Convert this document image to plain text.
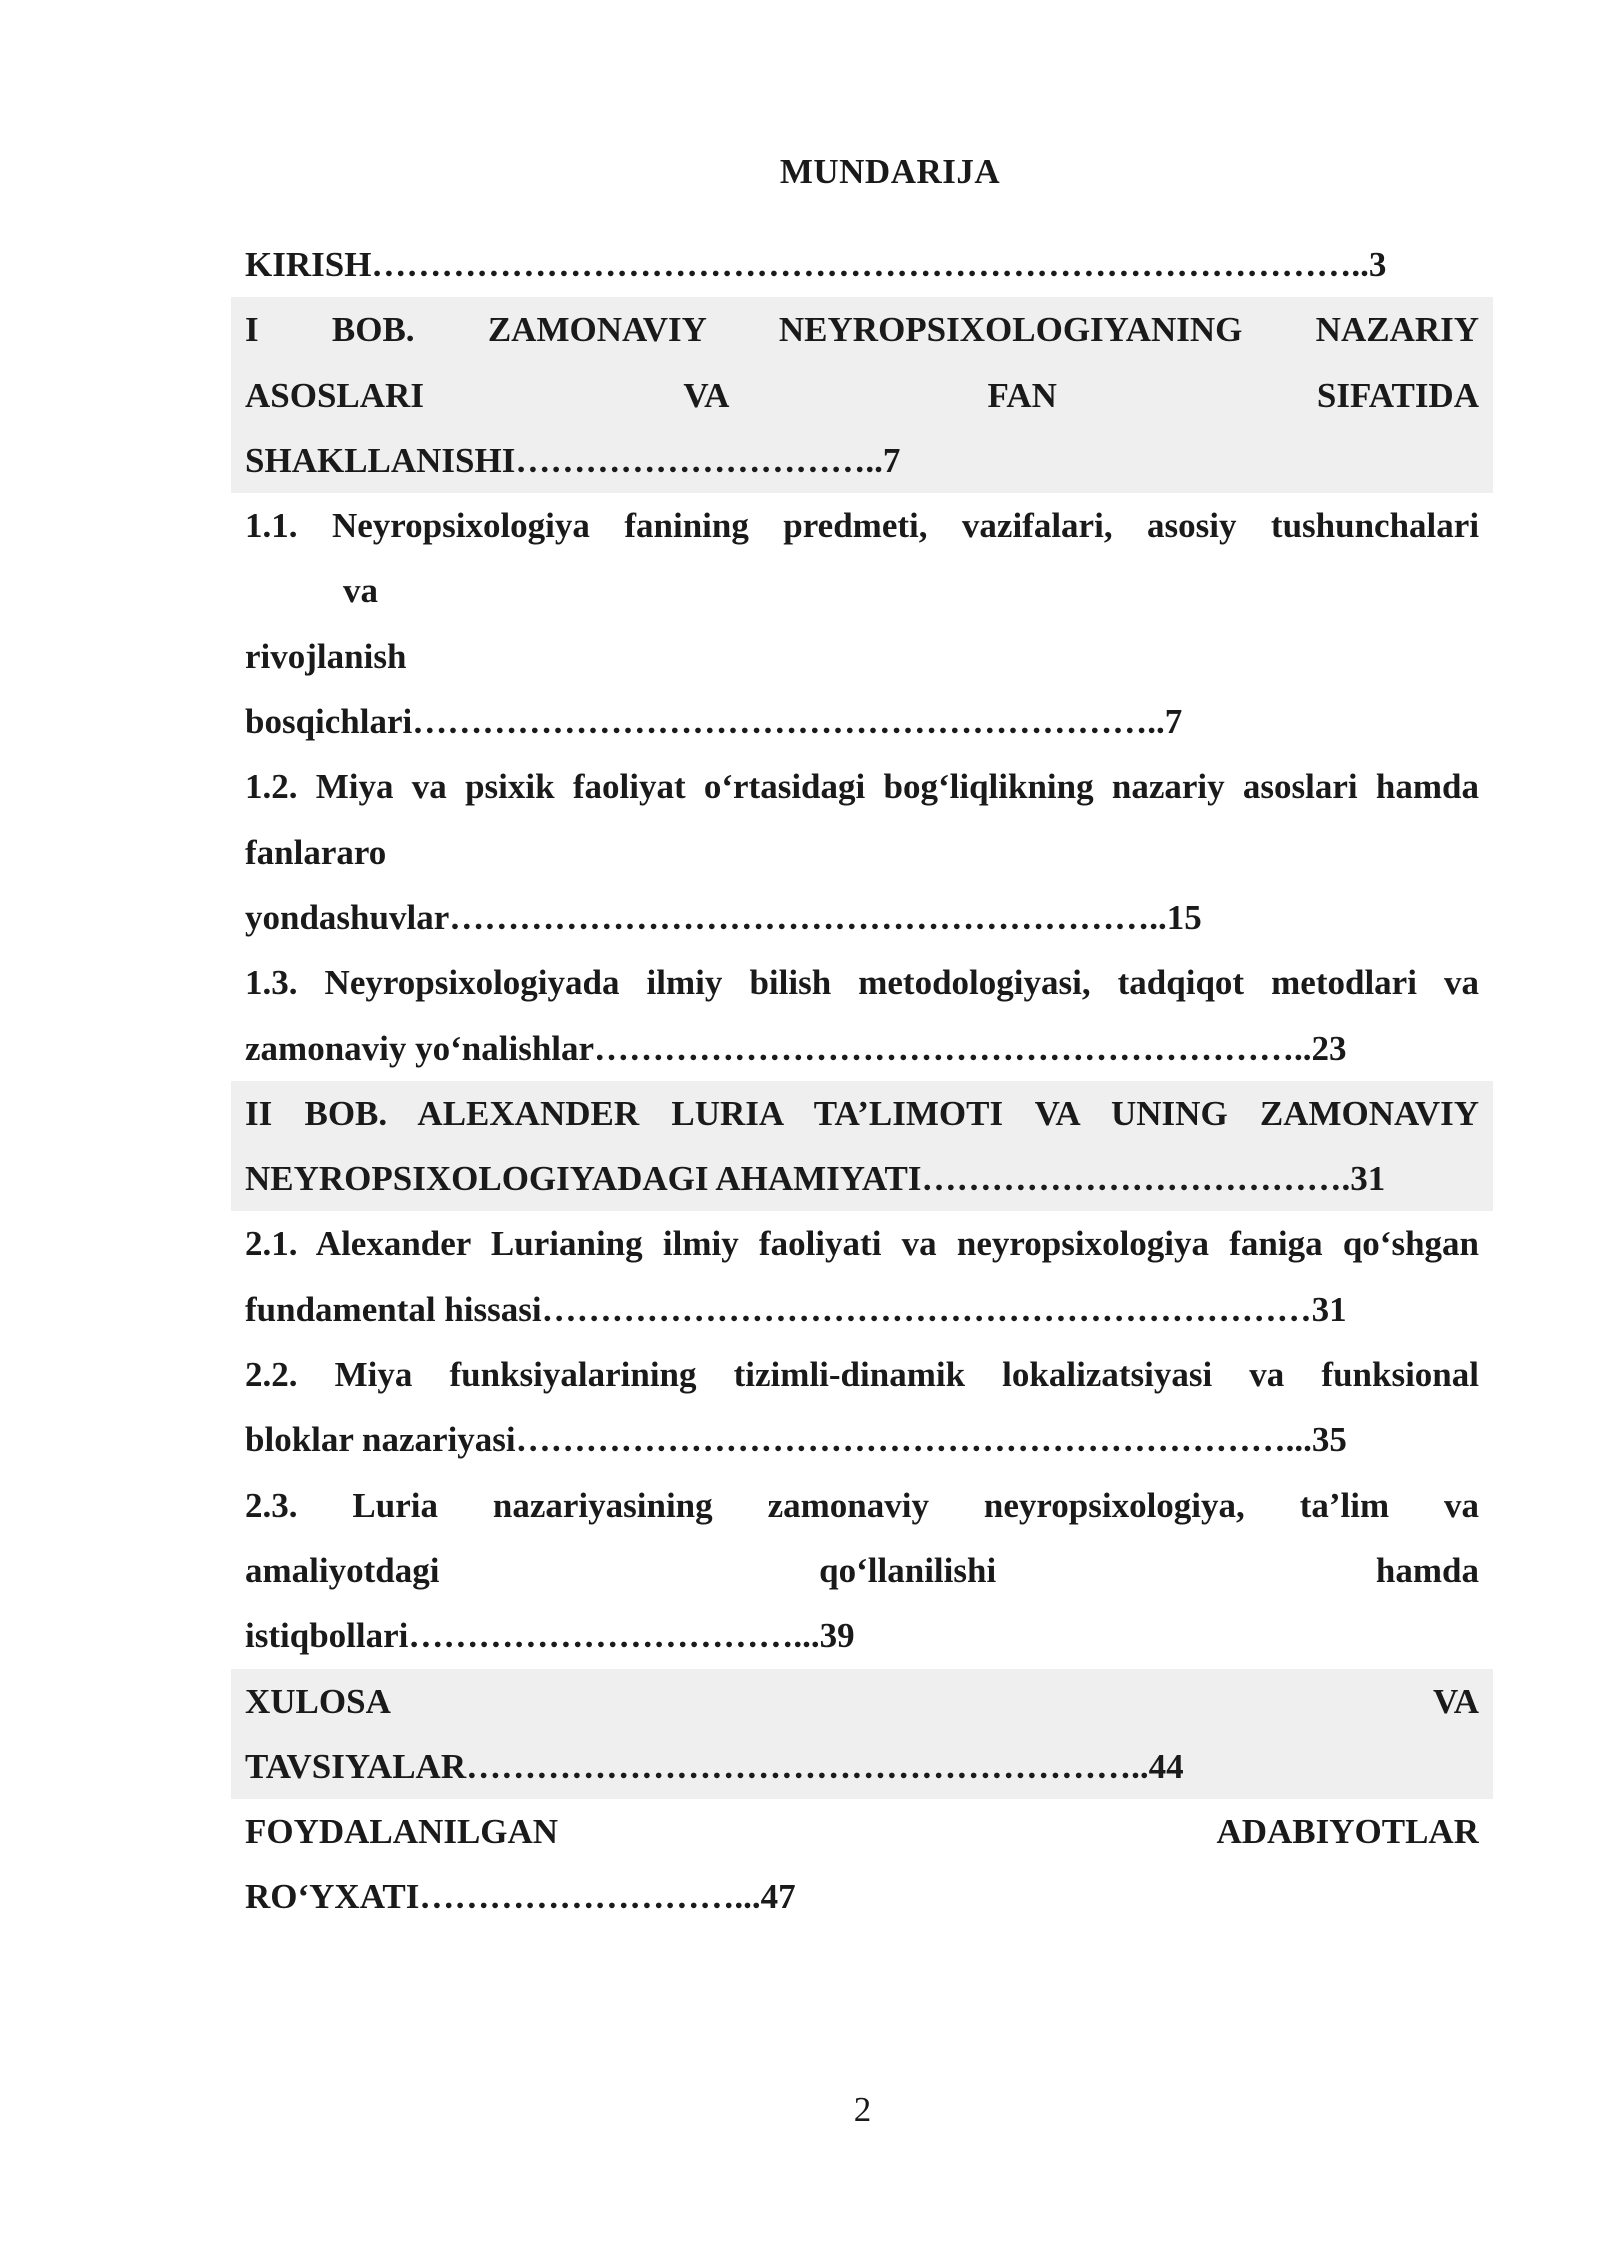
MUNDARIJA
KIRISH…………………………………………………………………………..3
I BOB. ZAMONAVIY NEYROPSIXOLOGIYANING NAZARIY
ASOSLARI	VA	FAN	SIFATIDA
SHAKLLANISHI…………………………..7
1.1. Neyropsixologiya fanining predmeti, vazifalari, asosiy tushunchalari
va
rivojlanish
bosqichlari………………………………………………………..7
1.2. Miya va psixik faoliyat o‘rtasidagi bog‘liqlikning nazariy asoslari hamda
fanlararo
yondashuvlar……………………………………………………..15
1.3. Neyropsixologiyada ilmiy bilish metodologiyasi, tadqiqot metodlari va
zamonaviy yo‘nalishlar……………………………………………………..23
II BOB. ALEXANDER LURIA TA’LIMOTI VA UNING ZAMONAVIY
NEYROPSIXOLOGIYADAGI AHAMIYATI……………………………….31
2.1. Alexander Lurianing ilmiy faoliyati va neyropsixologiya faniga qo‘shgan
fundamental hissasi…………………………………………………………31
2.2. Miya funksiyalarining tizimli-dinamik lokalizatsiyasi va funksional
bloklar nazariyasi…………………………………………………………...35
2.3. Luria nazariyasining zamonaviy neyropsixologiya, ta’lim va
amaliyotdagi	qo‘llanilishi	hamda
istiqbollari……………………………...39
XULOSA	VA
TAVSIYALAR…………………………………………………..44
FOYDALANILGAN	ADABIYOTLAR
RO‘YXATI………………………...47
2
